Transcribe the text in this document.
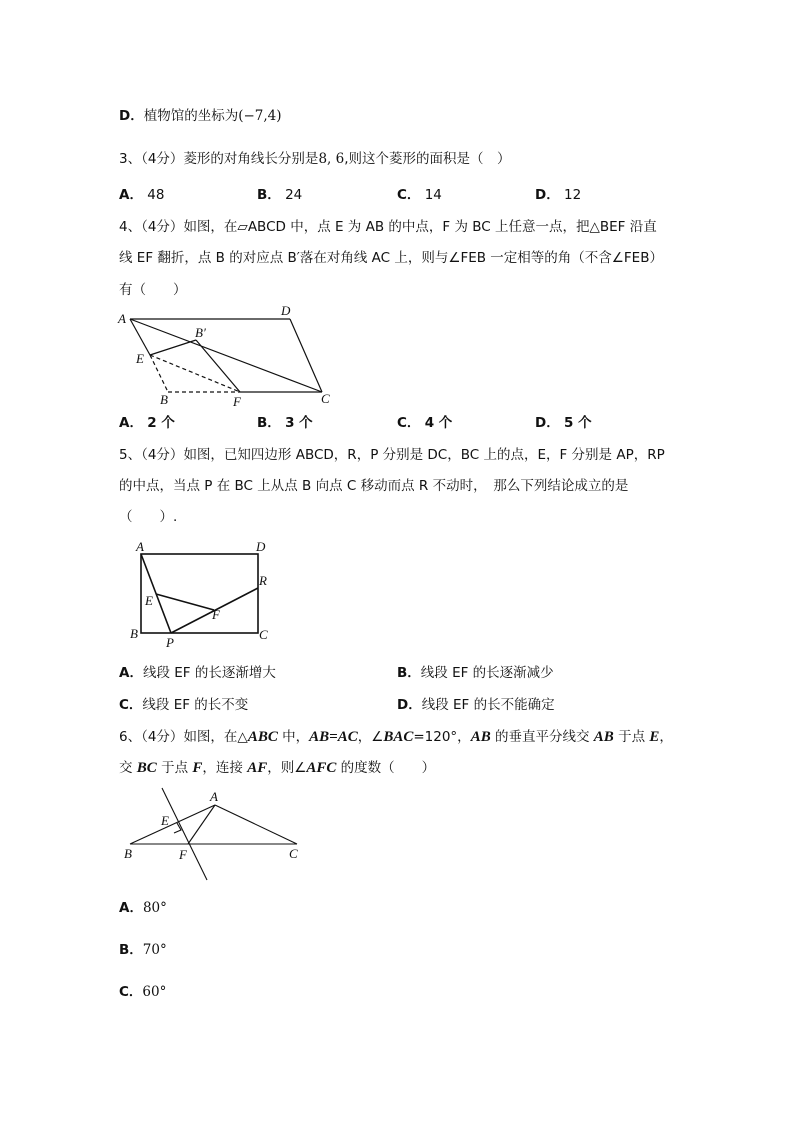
D．植物馆的坐标为(−7,4)
3、（4分）菱形的对角线长分别是8, 6,则这个菱形的面积是（　）
A． 48	B． 24	C． 14	D． 12
4、（4分）如图，在▱ABCD 中，点 E 为 AB 的中点，F 为 BC 上任意一点，把△BEF 沿直
线 EF 翻折，点 B 的对应点 B′落在对角线 AC 上，则与∠FEB 一定相等的角（不含∠FEB）
有（　　）
A
D
B′
E
B	F	C
A． 2 个	B． 3 个	C． 4 个	D． 5 个
5、（4分）如图，已知四边形 ABCD，R，P 分别是 DC，BC 上的点，E，F 分别是 AP，RP
的中点，当点 P 在 BC 上从点 B 向点 C 移动而点 R 不动时，　那么下列结论成立的是
（　　）.
A	D
R
E
F
B
P
C
A．线段 EF 的长逐渐增大	B．线段 EF 的长逐渐减少
C．线段 EF 的长不变	D．线段 EF 的长不能确定
6、（4分）如图，在△ABC 中，AB=AC，∠BAC=120°，AB 的垂直平分线交 AB 于点 E，
交 BC 于点 F，连接 AF，则∠AFC 的度数（　　）
A
E
B	F	C
A．80°
B．70°
C．60°
